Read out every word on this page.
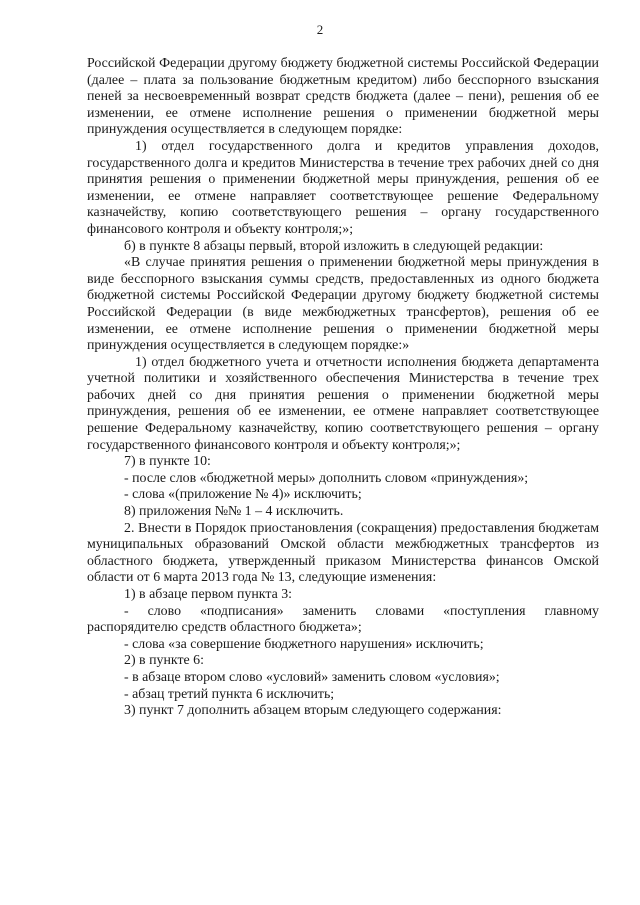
2

Российской Федерации другому бюджету бюджетной системы Российской Федерации (далее – плата за пользование бюджетным кредитом) либо бесспорного взыскания пеней за несвоевременный возврат средств бюджета (далее – пени), решения об ее изменении, ее отмене исполнение решения о применении бюджетной меры принуждения осуществляется в следующем порядке:

1) отдел государственного долга и кредитов управления доходов, государственного долга и кредитов Министерства в течение трех рабочих дней со дня принятия решения о применении бюджетной меры принуждения, решения об ее изменении, ее отмене направляет соответствующее решение Федеральному казначейству, копию соответствующего решения – органу государственного финансового контроля и объекту контроля;»;

б) в пункте 8 абзацы первый, второй изложить в следующей редакции:

«В случае принятия решения о применении бюджетной меры принуждения в виде бесспорного взыскания суммы средств, предоставленных из одного бюджета бюджетной системы Российской Федерации другому бюджету бюджетной системы Российской Федерации (в виде межбюджетных трансфертов), решения об ее изменении, ее отмене исполнение решения о применении бюджетной меры принуждения осуществляется в следующем порядке:»

1) отдел бюджетного учета и отчетности исполнения бюджета департамента учетной политики и хозяйственного обеспечения Министерства в течение трех рабочих дней со дня принятия решения о применении бюджетной меры принуждения, решения об ее изменении, ее отмене направляет соответствующее решение Федеральному казначейству, копию соответствующего решения – органу государственного финансового контроля и объекту контроля;»;

7) в пункте 10:

- после слов «бюджетной меры» дополнить словом «принуждения»;

- слова «(приложение № 4)» исключить;

8) приложения №№ 1 – 4 исключить.

2. Внести в Порядок приостановления (сокращения) предоставления бюджетам муниципальных образований Омской области межбюджетных трансфертов из областного бюджета, утвержденный приказом Министерства финансов Омской области от 6 марта 2013 года № 13, следующие изменения:

1) в абзаце первом пункта 3:

- слово «подписания» заменить словами «поступления главному распорядителю средств областного бюджета»;

- слова «за совершение бюджетного нарушения» исключить;

2) в пункте 6:

- в абзаце втором слово «условий» заменить словом «условия»;

- абзац третий пункта 6 исключить;

3) пункт 7 дополнить абзацем вторым следующего содержания:
